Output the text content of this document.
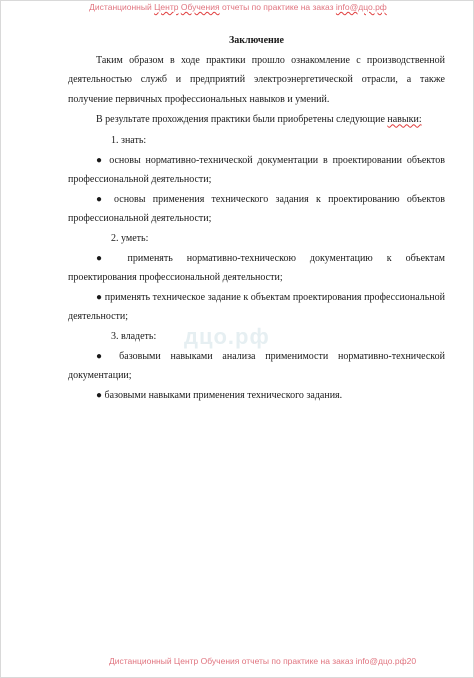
Дистанционный Центр Обучения отчеты по практике на заказ info@дцо.рф
дцо.рф

Заключение

Таким образом в ходе практики прошло ознакомление с производственной деятельностью служб и предприятий электроэнергетической отрасли, а также получение первичных профессиональных навыков и умений.

В результате прохождения практики были приобретены следующие навыки:

1. знать:

● основы нормативно-технической документации в проектировании объектов профессиональной деятельности;

● основы применения технического задания к проектированию объектов профессиональной деятельности;

2. уметь:

● применять нормативно-техническою документацию к объектам проектирования профессиональной деятельности;

● применять техническое задание к объектам проектирования профессиональной деятельности;

3. владеть:

● базовыми навыками анализа применимости нормативно-технической документации;

● базовыми навыками применения технического задания.

Дистанционный Центр Обучения отчеты по практике на заказ info@дцо.рф20
